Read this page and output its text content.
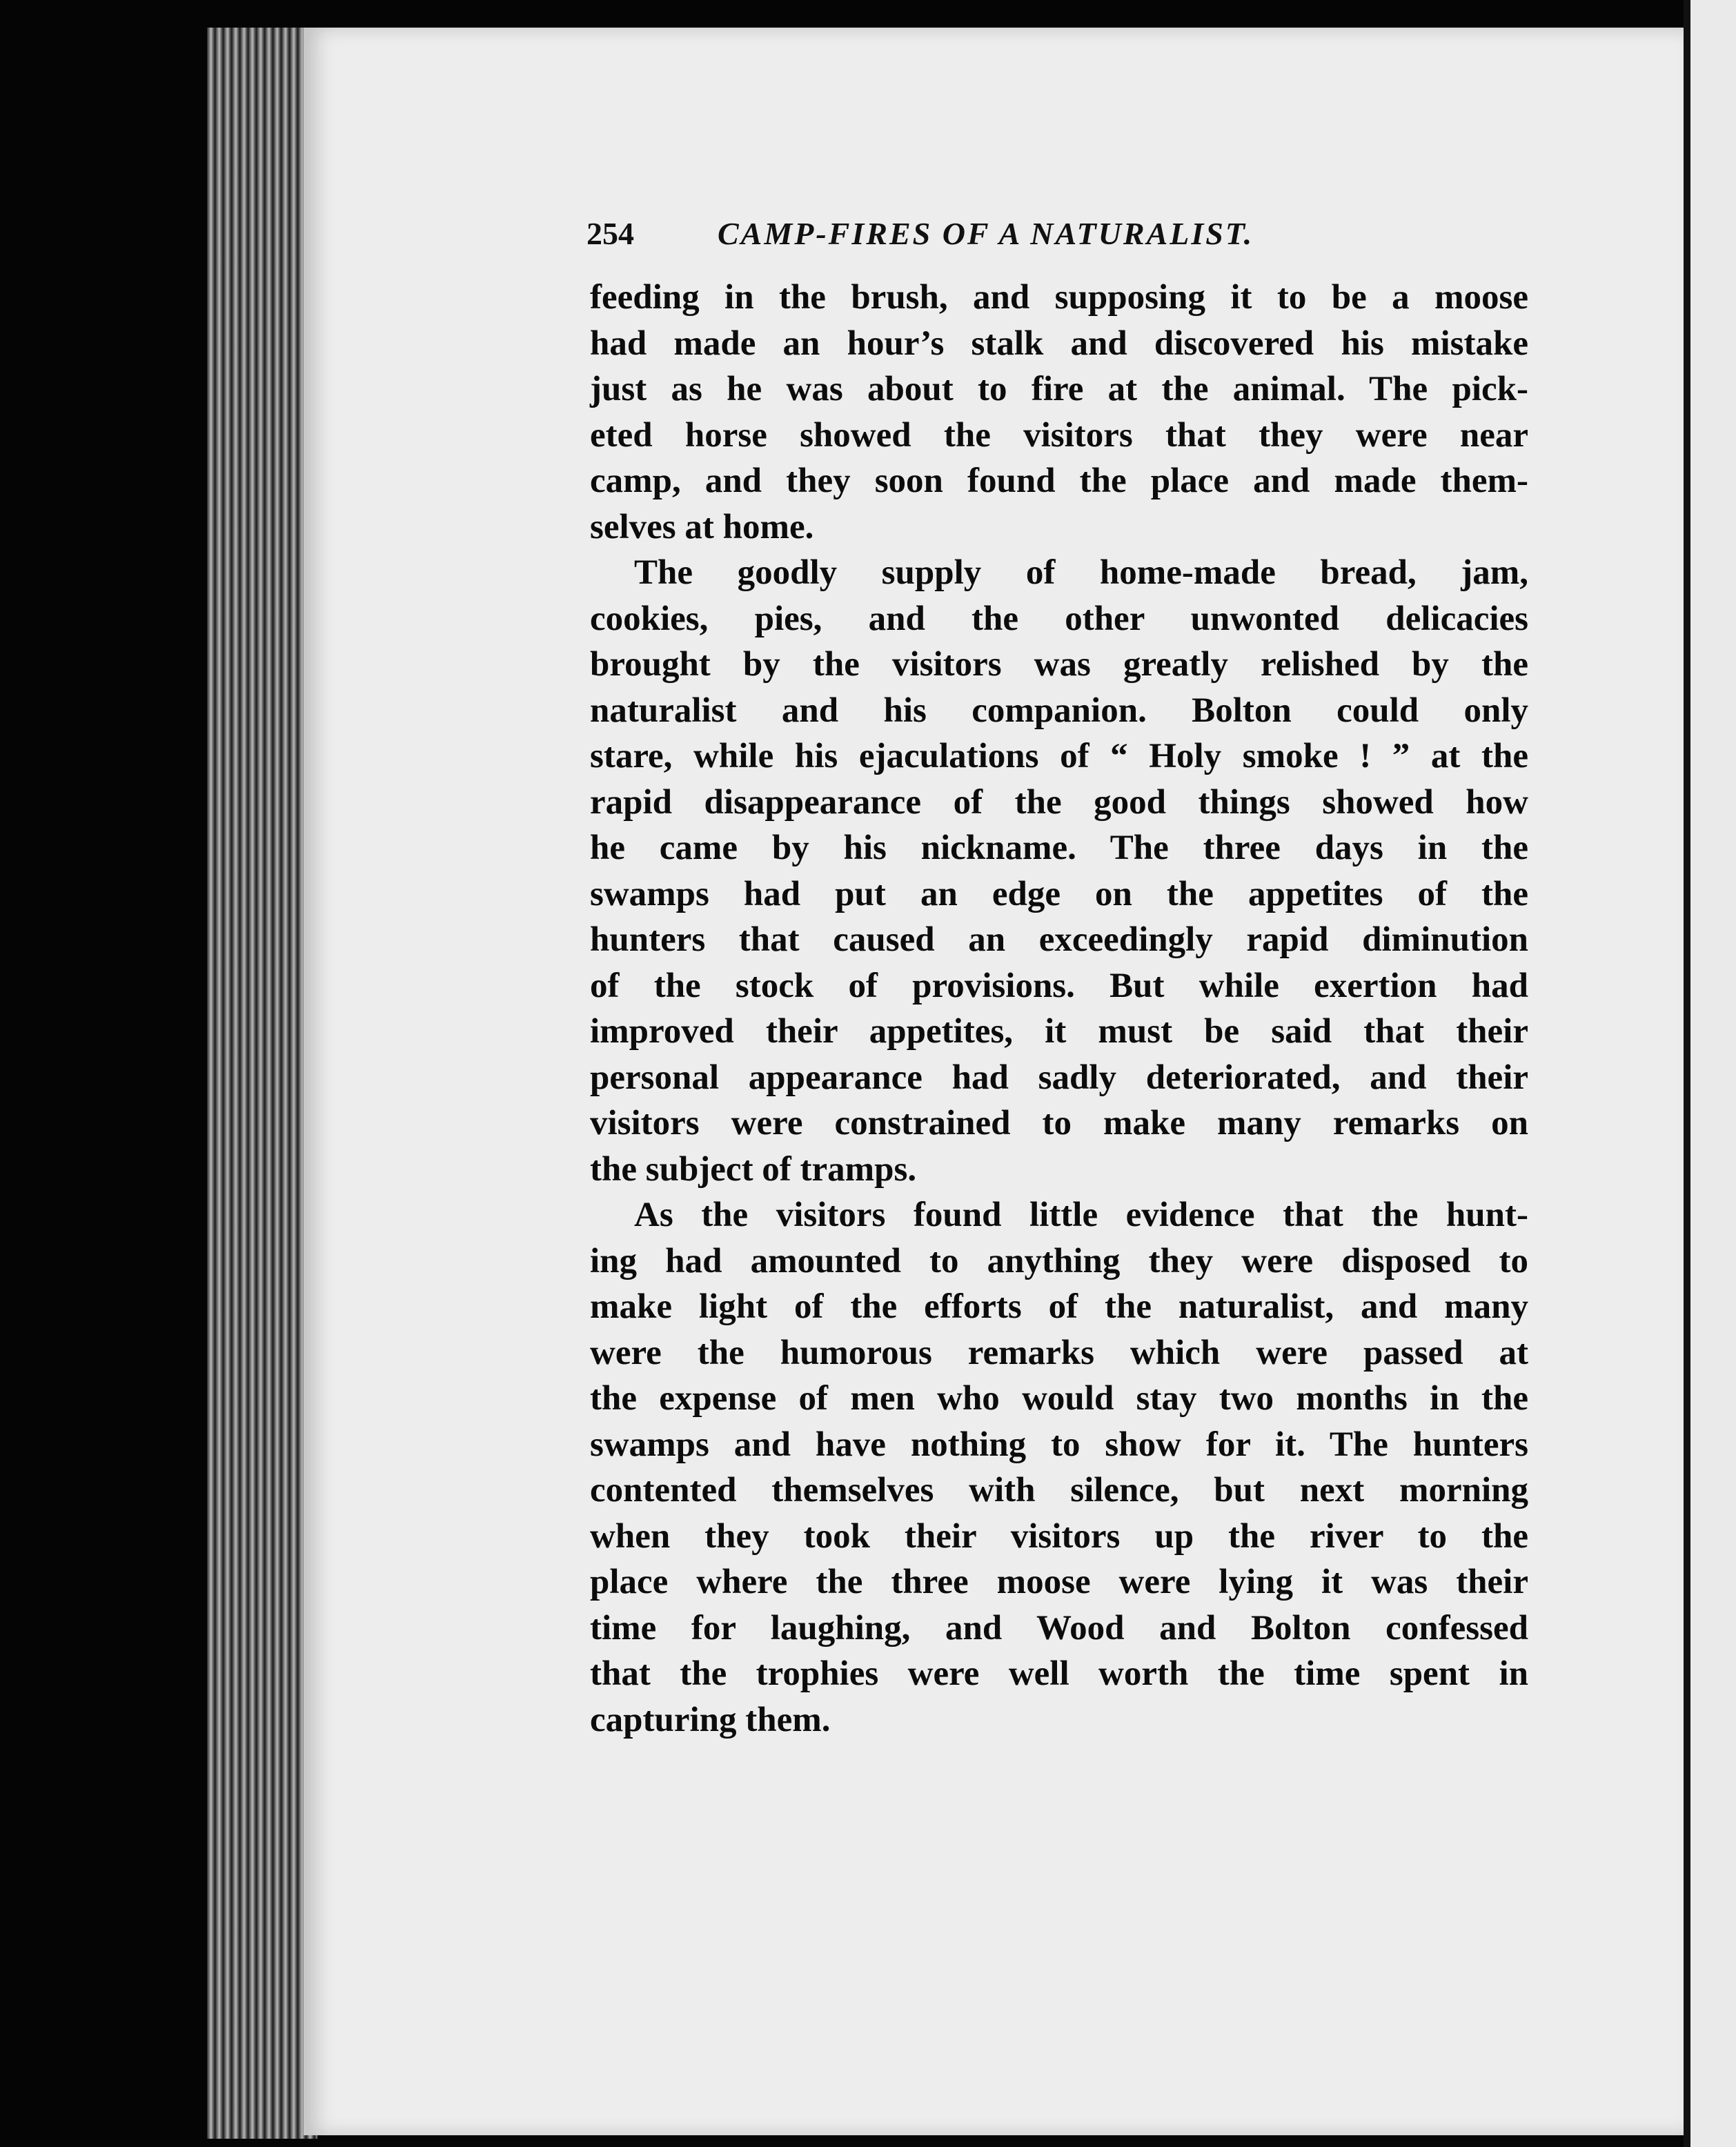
254	CAMP-FIRES OF A NATURALIST.

feeding in the brush, and supposing it to be a moose
had made an hour’s stalk and discovered his mistake
just as he was about to fire at the animal. The pick-
eted horse showed the visitors that they were near
camp, and they soon found the place and made them-
selves at home.

The goodly supply of home-made bread, jam,
cookies, pies, and the other unwonted delicacies
brought by the visitors was greatly relished by the
naturalist and his companion. Bolton could only
stare, while his ejaculations of “ Holy smoke ! ” at the
rapid disappearance of the good things showed how
he came by his nickname. The three days in the
swamps had put an edge on the appetites of the
hunters that caused an exceedingly rapid diminution
of the stock of provisions. But while exertion had
improved their appetites, it must be said that their
personal appearance had sadly deteriorated, and their
visitors were constrained to make many remarks on
the subject of tramps.

As the visitors found little evidence that the hunt-
ing had amounted to anything they were disposed to
make light of the efforts of the naturalist, and many
were the humorous remarks which were passed at
the expense of men who would stay two months in the
swamps and have nothing to show for it. The hunters
contented themselves with silence, but next morning
when they took their visitors up the river to the
place where the three moose were lying it was their
time for laughing, and Wood and Bolton confessed
that the trophies were well worth the time spent in
capturing them.
